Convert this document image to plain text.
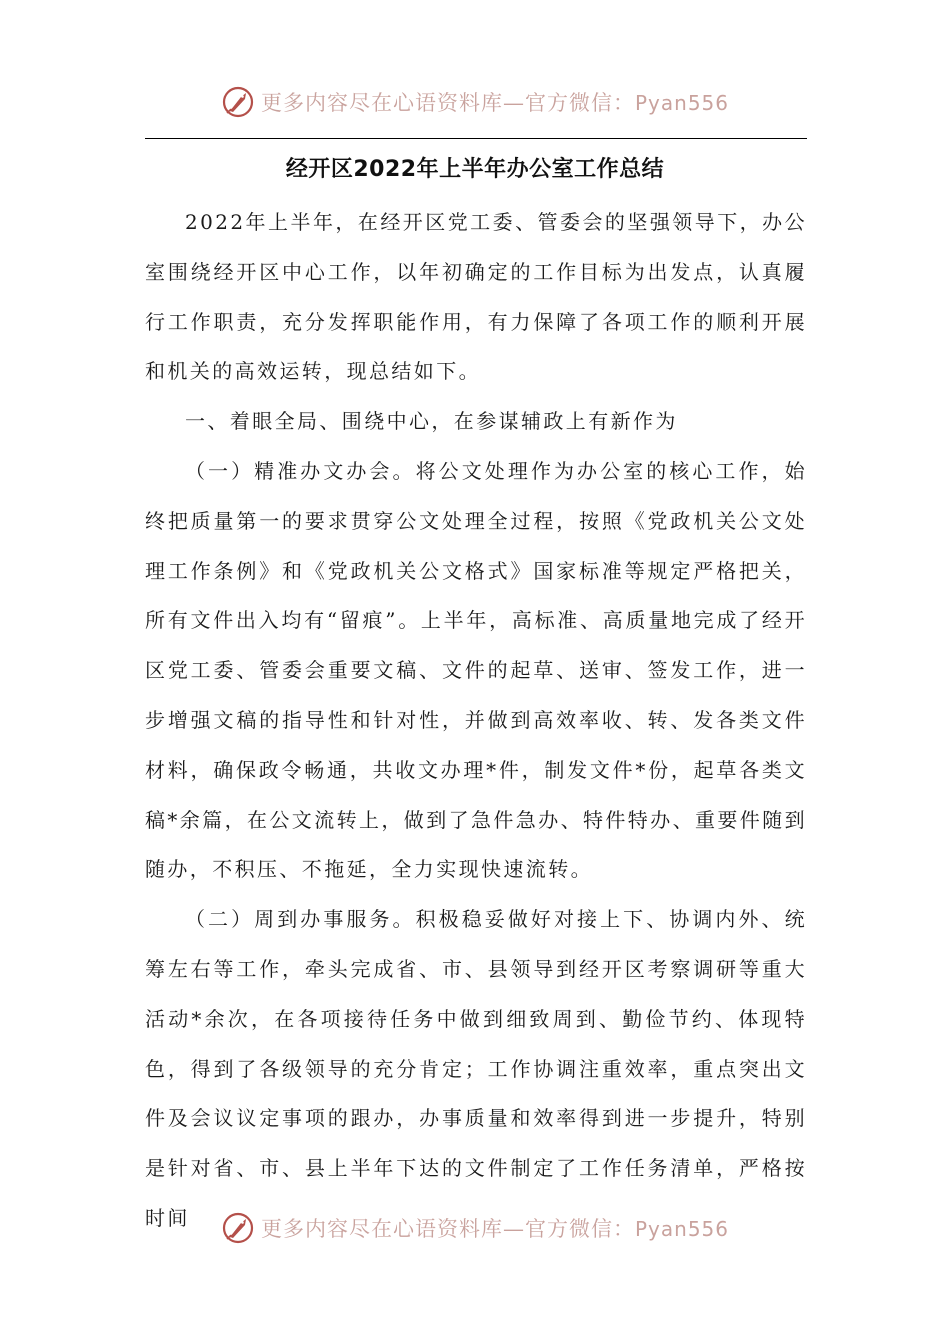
更多内容尽在心语资料库—官方微信：Pyan556
经开区2022年上半年办公室工作总结

2022年上半年，在经开区党工委、管委会的坚强领导下，办公室围绕经开区中心工作，以年初确定的工作目标为出发点，认真履行工作职责，充分发挥职能作用，有力保障了各项工作的顺利开展和机关的高效运转，现总结如下。

一、着眼全局、围绕中心，在参谋辅政上有新作为

（一）精准办文办会。将公文处理作为办公室的核心工作，始终把质量第一的要求贯穿公文处理全过程，按照《党政机关公文处理工作条例》和《党政机关公文格式》国家标准等规定严格把关，所有文件出入均有“留痕”。上半年，高标准、高质量地完成了经开区党工委、管委会重要文稿、文件的起草、送审、签发工作，进一步增强文稿的指导性和针对性，并做到高效率收、转、发各类文件材料，确保政令畅通，共收文办理*件，制发文件*份，起草各类文稿*余篇，在公文流转上，做到了急件急办、特件特办、重要件随到随办，不积压、不拖延，全力实现快速流转。

（二）周到办事服务。积极稳妥做好对接上下、协调内外、统筹左右等工作，牵头完成省、市、县领导到经开区考察调研等重大活动*余次，在各项接待任务中做到细致周到、勤俭节约、体现特色，得到了各级领导的充分肯定；工作协调注重效率，重点突出文件及会议议定事项的跟办，办事质量和效率得到进一步提升，特别是针对省、市、县上半年下达的文件制定了工作任务清单，严格按时间	更多内容尽在心语资料库—官方微信：Pyan556
